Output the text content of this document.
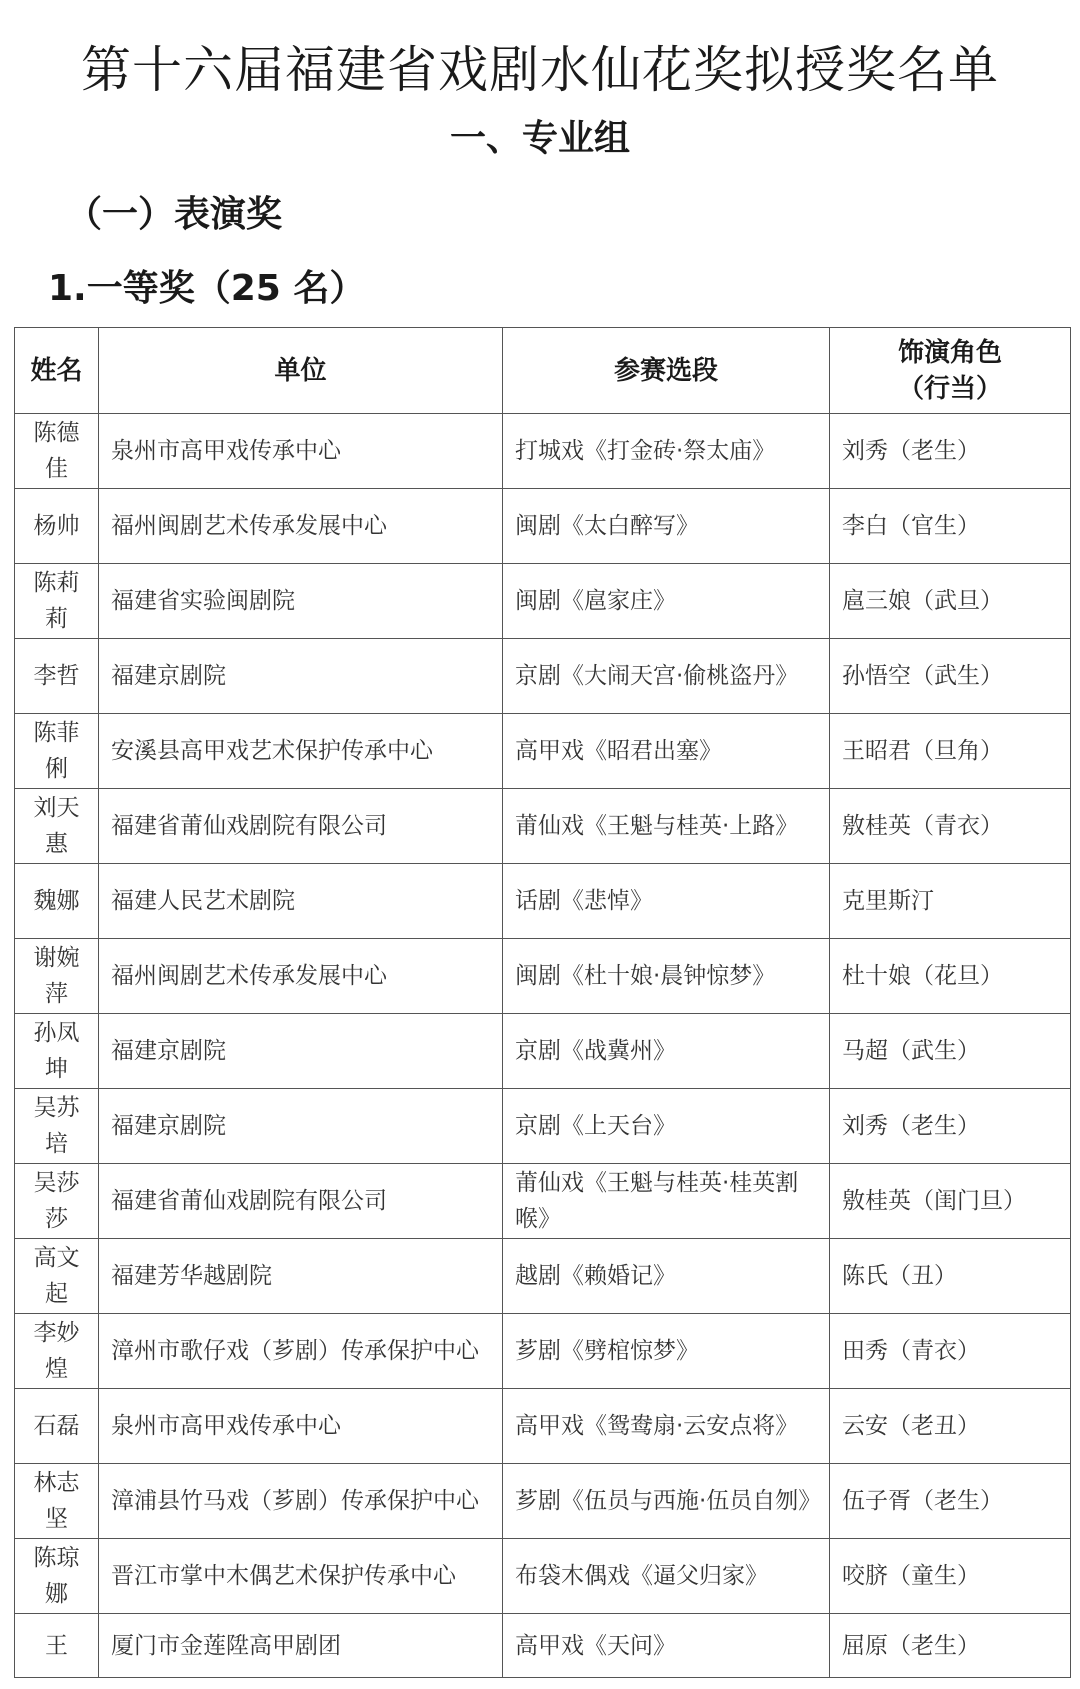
第十六届福建省戏剧水仙花奖拟授奖名单
一、专业组
（一）表演奖
1.一等奖（25 名）
姓名	单位	参赛选段	饰演角色
（行当）

陈德佳	泉州市高甲戏传承中心	打城戏《打金砖·祭太庙》	刘秀（老生）
杨帅	福州闽剧艺术传承发展中心	闽剧《太白醉写》	李白（官生）
陈莉莉	福建省实验闽剧院	闽剧《扈家庄》	扈三娘（武旦）
李哲	福建京剧院	京剧《大闹天宫·偷桃盗丹》	孙悟空（武生）
陈菲俐	安溪县高甲戏艺术保护传承中心	高甲戏《昭君出塞》	王昭君（旦角）
刘天惠	福建省莆仙戏剧院有限公司	莆仙戏《王魁与桂英·上路》	敫桂英（青衣）
魏娜	福建人民艺术剧院	话剧《悲悼》	克里斯汀
谢婉萍	福州闽剧艺术传承发展中心	闽剧《杜十娘·晨钟惊梦》	杜十娘（花旦）
孙凤坤	福建京剧院	京剧《战冀州》	马超（武生）
吴苏培	福建京剧院	京剧《上天台》	刘秀（老生）
吴莎莎	福建省莆仙戏剧院有限公司	莆仙戏《王魁与桂英·桂英割喉》	敫桂英（闺门旦）
高文起	福建芳华越剧院	越剧《赖婚记》	陈氏（丑）
李妙煌	漳州市歌仔戏（芗剧）传承保护中心	芗剧《劈棺惊梦》	田秀（青衣）
石磊	泉州市高甲戏传承中心	高甲戏《鸳鸯扇·云安点将》	云安（老丑）
林志坚	漳浦县竹马戏（芗剧）传承保护中心	芗剧《伍员与西施·伍员自刎》	伍子胥（老生）
陈琼娜	晋江市掌中木偶艺术保护传承中心	布袋木偶戏《逼父归家》	咬脐（童生）
王	厦门市金莲陞高甲剧团	高甲戏《天问》	屈原（老生）
